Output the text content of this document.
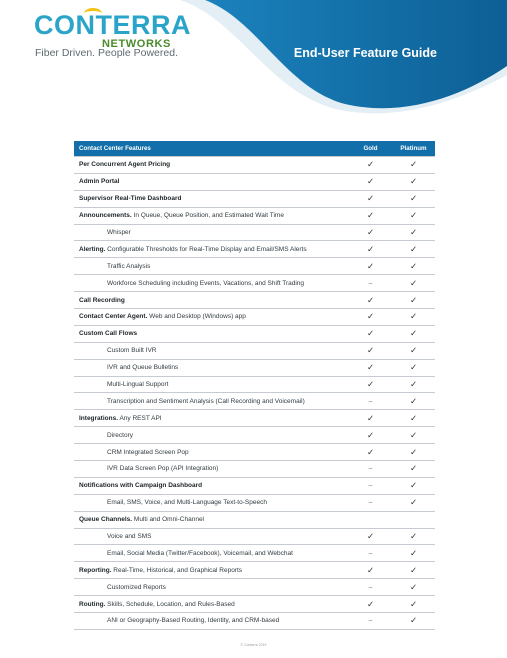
CONTERRA
NETWORKS
Fiber Driven. People Powered.	End-User Feature Guide
Contact Center Features	Gold	Platinum
Per Concurrent Agent Pricing	✓	✓
Admin Portal	✓	✓
Supervisor Real-Time Dashboard	✓	✓
Announcements. In Queue, Queue Position, and Estimated Wait Time	✓	✓
Whisper	✓	✓
Alerting. Configurable Thresholds for Real-Time Display and Email/SMS Alerts	✓	✓
Traffic Analysis	✓	✓
Workforce Scheduling including Events, Vacations, and Shift Trading	–	✓
Call Recording	✓	✓
Contact Center Agent. Web and Desktop (Windows) app	✓	✓
Custom Call Flows	✓	✓
Custom Built IVR	✓	✓
IVR and Queue Bulletins	✓	✓
Multi-Lingual Support	✓	✓
Transcription and Sentiment Analysis (Call Recording and Voicemail)	–	✓
Integrations. Any REST API	✓	✓
Directory	✓	✓
CRM Integrated Screen Pop	✓	✓
IVR Data Screen Pop (API Integration)	–	✓
Notifications with Campaign Dashboard	–	✓
Email, SMS, Voice, and Multi-Language Text-to-Speech	–	✓
Queue Channels. Multi and Omni-Channel		
Voice and SMS	✓	✓
Email, Social Media (Twitter/Facebook), Voicemail, and Webchat	–	✓
Reporting. Real-Time, Historical, and Graphical Reports	✓	✓
Customized Reports	–	✓
Routing. Skills, Schedule, Location, and Rules-Based	✓	✓
ANI or Geography-Based Routing, Identity, and CRM-based	–	✓
© Conterra 2019
